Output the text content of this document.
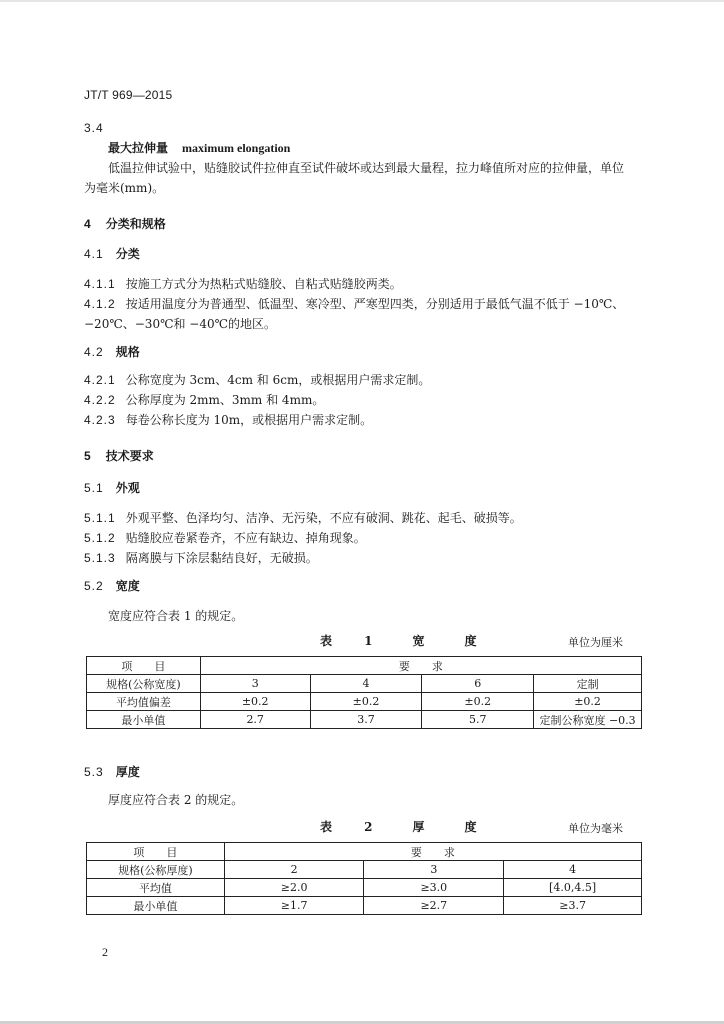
JT/T 969—2015
3.4
最大拉伸量 maximum elongation
低温拉伸试验中，贴缝胶试件拉伸直至试件破坏或达到最大量程，拉力峰值所对应的拉伸量，单位
为毫米(mm)。
4 分类和规格
4.1 分类
4.1.1 按施工方式分为热粘式贴缝胶、自粘式贴缝胶两类。
4.1.2 按适用温度分为普通型、低温型、寒冷型、严寒型四类，分别适用于最低气温不低于 −10℃、
−20℃、−30℃和 −40℃的地区。
4.2 规格
4.2.1 公称宽度为 3cm、4cm 和 6cm，或根据用户需求定制。
4.2.2 公称厚度为 2mm、3mm 和 4mm。
4.2.3 每卷公称长度为 10m，或根据用户需求定制。
5 技术要求
5.1 外观
5.1.1 外观平整、色泽均匀、洁净、无污染，不应有破洞、跳花、起毛、破损等。
5.1.2 贴缝胶应卷紧卷齐，不应有缺边、掉角现象。
5.1.3 隔离膜与下涂层黏结良好，无破损。
5.2 宽度
宽度应符合表 1 的规定。
表 1　宽　度	单位为厘米
项　　目	要　　求			
规格(公称宽度)	3	4	6	定制
平均值偏差	±0.2	±0.2	±0.2	±0.2
最小单值	2.7	3.7	5.7	定制公称宽度 −0.3
5.3 厚度
厚度应符合表 2 的规定。
表 2　厚　度	单位为毫米
项　　目	要　　求		
规格(公称厚度)	2	3	4
平均值	≥2.0	≥3.0	[4.0,4.5]
最小单值	≥1.7	≥2.7	≥3.7
2
